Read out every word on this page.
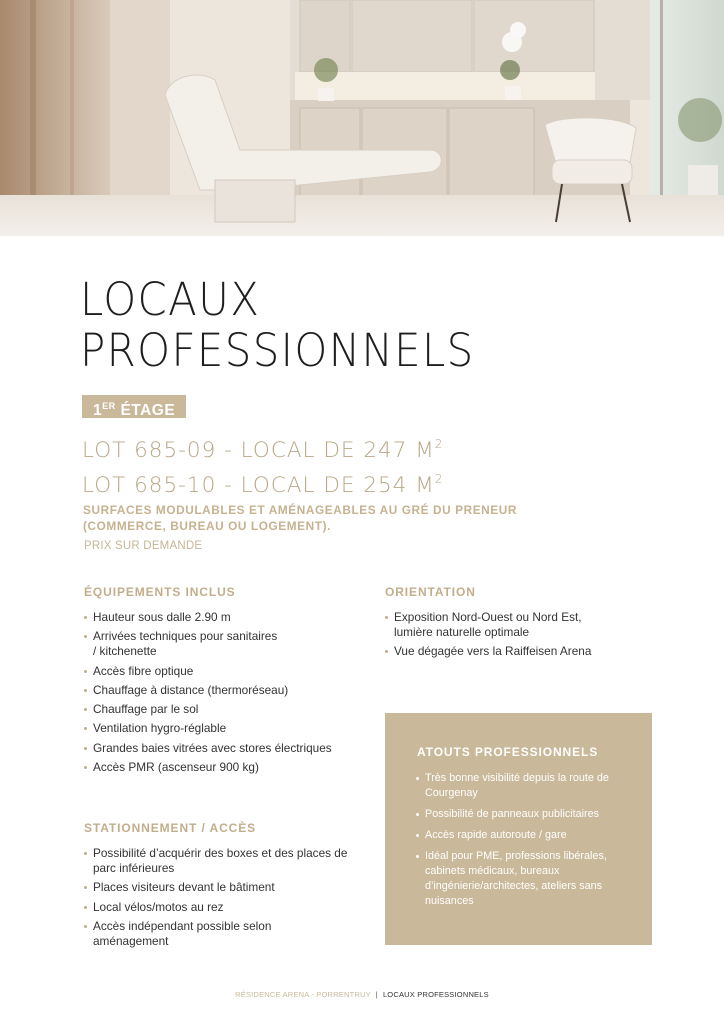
LOCAUX
PROFESSIONNELS
1ER ÉTAGE
LOT 685-09 - LOCAL DE 247 $M^2$
LOT 685-10 - LOCAL DE 254 $M^2$
SURFACES MODULABLES ET AMÉNAGEABLES AU GRÉ DU PRENEUR (COMMERCE, BUREAU OU LOGEMENT).
PRIX SUR DEMANDE
ÉQUIPEMENTS INCLUS
Hauteur sous dalle 2.90 m
Arrivées techniques pour sanitaires / kitchenette
Accès fibre optique
Chauffage à distance (thermoréseau)
Chauffage par le sol
Ventilation hygro-réglable
Grandes baies vitrées avec stores électriques
Accès PMR (ascenseur 900 kg)
ORIENTATION
Exposition Nord-Ouest ou Nord Est, lumière naturelle optimale
Vue dégagée vers la Raiffeisen Arena
STATIONNEMENT / ACCÈS
Possibilité d’acquérir des boxes et des places de parc inférieures
Places visiteurs devant le bâtiment
Local vélos/motos au rez
Accès indépendant possible selon aménagement
ATOUTS PROFESSIONNELS
Très bonne visibilité depuis la route de Courgenay
Possibilité de panneaux publicitaires
Accès rapide autoroute / gare
Idéal pour PME, professions libérales, cabinets médicaux, bureaux d’ingénierie/architectes, ateliers sans nuisances
RÉSIDENCE ARENA - PORRENTRUY | LOCAUX PROFESSIONNELS
